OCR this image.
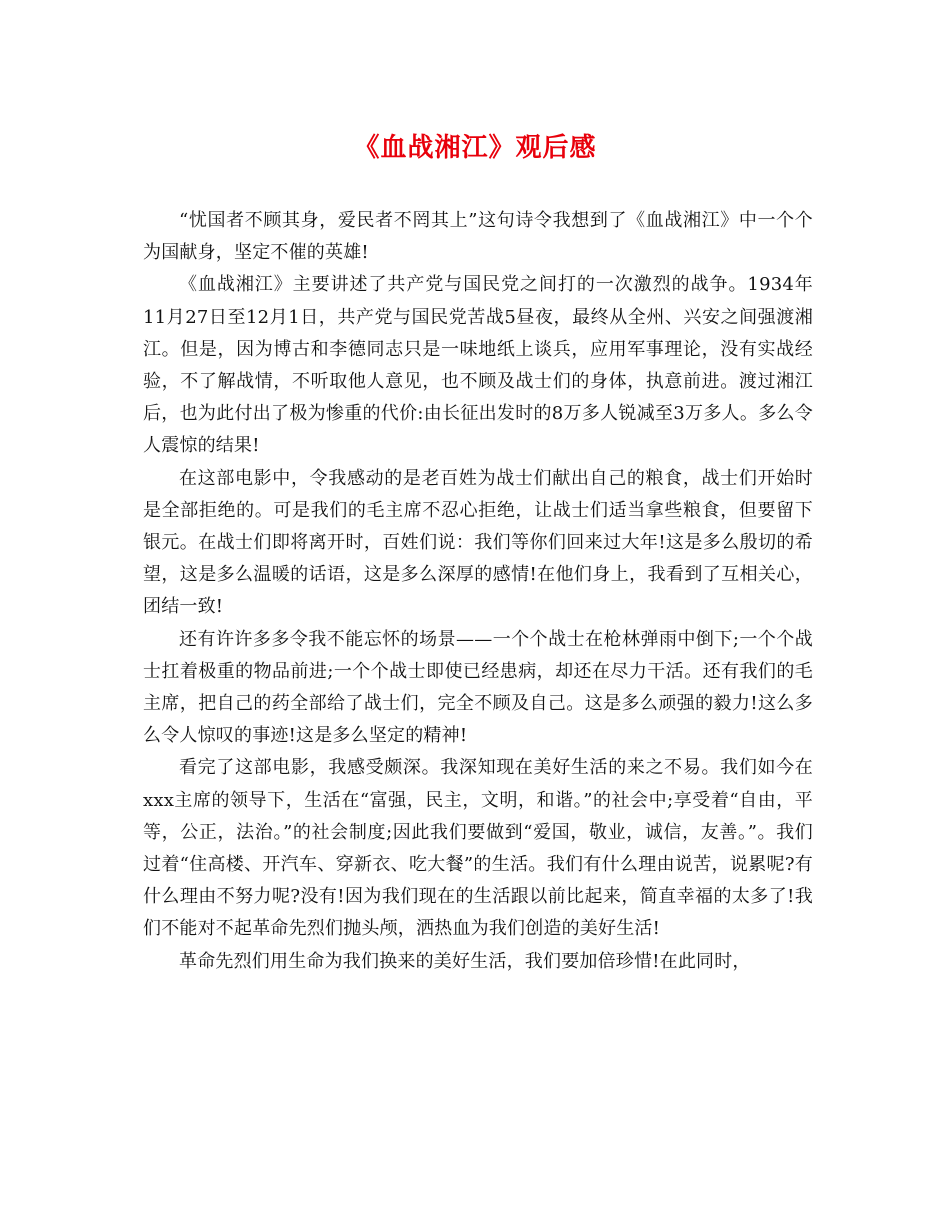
《血战湘江》观后感

“忧国者不顾其身，爱民者不罔其上”这句诗令我想到了《血战湘江》中一个个为国献身，坚定不催的英雄!

《血战湘江》主要讲述了共产党与国民党之间打的一次激烈的战争。1934年11月27日至12月1日，共产党与国民党苦战5昼夜，最终从全州、兴安之间强渡湘江。但是，因为博古和李德同志只是一味地纸上谈兵，应用军事理论，没有实战经验，不了解战情，不听取他人意见，也不顾及战士们的身体，执意前进。渡过湘江后，也为此付出了极为惨重的代价:由长征出发时的8万多人锐减至3万多人。多么令人震惊的结果!

在这部电影中，令我感动的是老百姓为战士们献出自己的粮食，战士们开始时是全部拒绝的。可是我们的毛主席不忍心拒绝，让战士们适当拿些粮食，但要留下银元。在战士们即将离开时，百姓们说：我们等你们回来过大年!这是多么殷切的希望，这是多么温暖的话语，这是多么深厚的感情!在他们身上，我看到了互相关心，团结一致!

还有许许多多令我不能忘怀的场景——一个个战士在枪林弹雨中倒下;一个个战士扛着极重的物品前进;一个个战士即使已经患病，却还在尽力干活。还有我们的毛主席，把自己的药全部给了战士们，完全不顾及自己。这是多么顽强的毅力!这么多么令人惊叹的事迹!这是多么坚定的精神!

看完了这部电影，我感受颇深。我深知现在美好生活的来之不易。我们如今在xxx主席的领导下，生活在“富强，民主，文明，和谐。”的社会中;享受着“自由，平等，公正，法治。”的社会制度;因此我们要做到“爱国，敬业，诚信，友善。”。我们过着“住高楼、开汽车、穿新衣、吃大餐”的生活。我们有什么理由说苦，说累呢?有什么理由不努力呢?没有!因为我们现在的生活跟以前比起来，简直幸福的太多了!我们不能对不起革命先烈们抛头颅，洒热血为我们创造的美好生活!

革命先烈们用生命为我们换来的美好生活，我们要加倍珍惜!在此同时，
